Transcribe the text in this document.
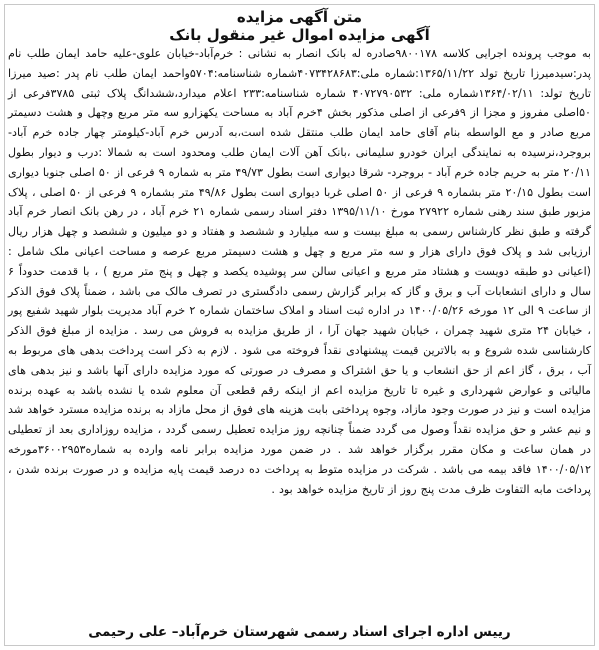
متن آگهی مزایده

آگهی مزایده اموال غیر منقول بانک

به موجب پرونده اجرایی کلاسه ۹۸۰۰۱۷۸صادره له بانک انصار به نشانی : خرم‌آباد-خیابان علوی-علیه حامد ایمان طلب نام پدر:سیدمیرزا تاریخ تولد ۱۳۶۵/۱۱/۲۲:شماره ملی:۴۰۷۳۴۲۸۶۸۳شماره شناسنامه:۵۷۰۴واحمد ایمان طلب نام پدر :صید میرزا تاریخ تولد: ۱۳۶۴/۰۲/۱۱شماره ملی: ۴۰۷۲۷۹۰۵۳۲ شماره شناسنامه:۲۳۳ اعلام میدارد،ششدانگ پلاک ثبتی ۳۷۸۵فرعی از ۵۰اصلی مفروز و مجزا از ۹فرعی از اصلی مذکور بخش ۴خرم آباد به مساحت یکهزارو سه متر مربع وچهل و هشت دسیمتر مربع صادر و مع الواسطه بنام آقای حامد ایمان طلب منتقل شده است،به آدرس خرم آباد-کیلومتر چهار جاده خرم آباد-بروجرد،نرسیده به نمایندگی ایران خودرو سلیمانی ،بانک آهن آلات ایمان طلب ومحدود است به شمالا :درب و دیوار بطول ۲۰/۱۱ متر به حریم جاده خرم آباد - بروجرد- شرقا دیواری است بطول ۴۹/۷۳ متر به شماره ۹ فرعی از ۵۰ اصلی جنوبا دیواری است بطول ۲۰/۱۵ متر بشماره ۹ فرعی از ۵۰ اصلی غربا دیواری است بطول ۴۹/۸۶ متر بشماره ۹ فرعی از ۵۰ اصلی ، پلاک مزبور طبق سند رهنی شماره ۲۷۹۲۲ مورخ ۱۳۹۵/۱۱/۱۰ دفتر اسناد رسمی شماره ۲۱ خرم آباد ، در رهن بانک انصار خرم آباد گرفته و طبق نظر کارشناس رسمی به مبلغ بیست و سه میلیارد و ششصد و هفتاد و دو میلیون و ششصد و چهل هزار ریال ارزیابی شد و پلاک فوق دارای هزار و سه متر مربع و چهل و هشت دسیمتر مربع عرصه و مساحت اعیانی ملک شامل : (اعیانی دو طبقه دویست و هشتاد متر مربع و اعیانی سالن سر پوشیده یکصد و چهل و پنج متر مربع ) ، با قدمت حدوداً ۶ سال و دارای انشعابات آب و برق و گاز که برابر گزارش رسمی دادگستری در تصرف مالک می باشد ، ضمناً پلاک فوق الذکر از ساعت ۹ الی ۱۲ مورخه ۱۴۰۰/۰۵/۲۶ در اداره ثبت اسناد و املاک ساختمان شماره ۲ خرم آباد مدیریت بلوار شهید شفیع پور ، خیابان ۲۴ متری شهید چمران ، خیابان شهید جهان آرا ، از طریق مزایده به فروش می رسد . مزایده از مبلغ فوق الذکر کارشناسی شده شروع و به بالاترین قیمت پیشنهادی نقداً فروخته می شود . لازم به ذکر است پرداخت بدهی های مربوط به آب ، برق ، گاز اعم از حق انشعاب و یا حق اشتراک و مصرف در صورتی که مورد مزایده دارای آنها باشد و نیز بدهی های مالیاتی و عوارض شهرداری و غیره تا تاریخ مزایده اعم از اینکه رقم قطعی آن معلوم شده یا نشده باشد به عهده برنده مزایده است و نیز در صورت وجود مازاد، وجوه پرداختی بابت هزینه های فوق از محل مازاد به برنده مزایده مسترد خواهد شد و نیم عشر و حق مزایده نقداً وصول می گردد ضمناً چنانچه روز مزایده تعطیل رسمی گردد ، مزایده روزاداری بعد از تعطیلی در همان ساعت و مکان مقرر برگزار خواهد شد . در ضمن مورد مزایده برابر نامه وارده به شماره۳۶۰۰۲۹۵۳مورخه ۱۴۰۰/۰۵/۱۲ فاقد بیمه می باشد . شرکت در مزایده متوط به پرداخت ده درصد قیمت پایه مزایده و در صورت برنده شدن ، پرداخت مابه التفاوت ظرف مدت پنج روز از تاریخ مزایده خواهد بود .
رییس اداره اجرای اسناد رسمی شهرستان خرم‌آباد– علی رحیمی
